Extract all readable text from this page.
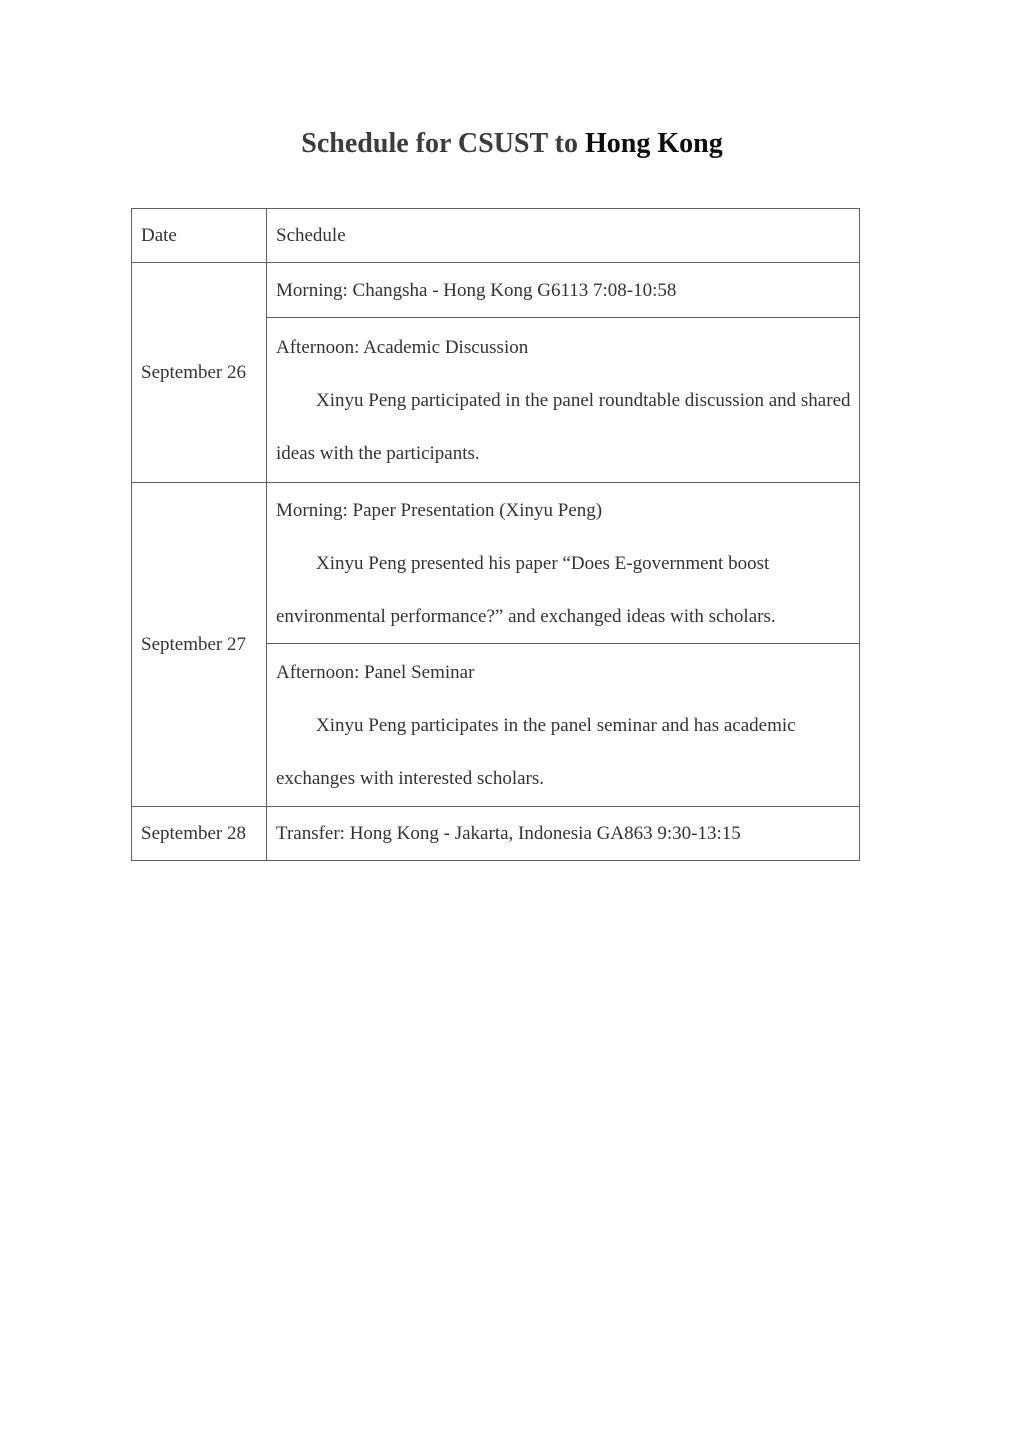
Schedule for CSUST to Hong Kong

Date	Schedule

September 26	Morning: Changsha - Hong Kong G6113 7:08-10:58

	Afternoon: Academic Discussion

Xinyu Peng participated in the panel roundtable discussion and shared ideas with the participants.

September 27	Morning: Paper Presentation (Xinyu Peng)

Xinyu Peng presented his paper “Does E-government boost environmental performance?” and exchanged ideas with scholars.

	Afternoon: Panel Seminar

Xinyu Peng participates in the panel seminar and has academic exchanges with interested scholars.

September 28	Transfer: Hong Kong - Jakarta, Indonesia GA863 9:30-13:15
